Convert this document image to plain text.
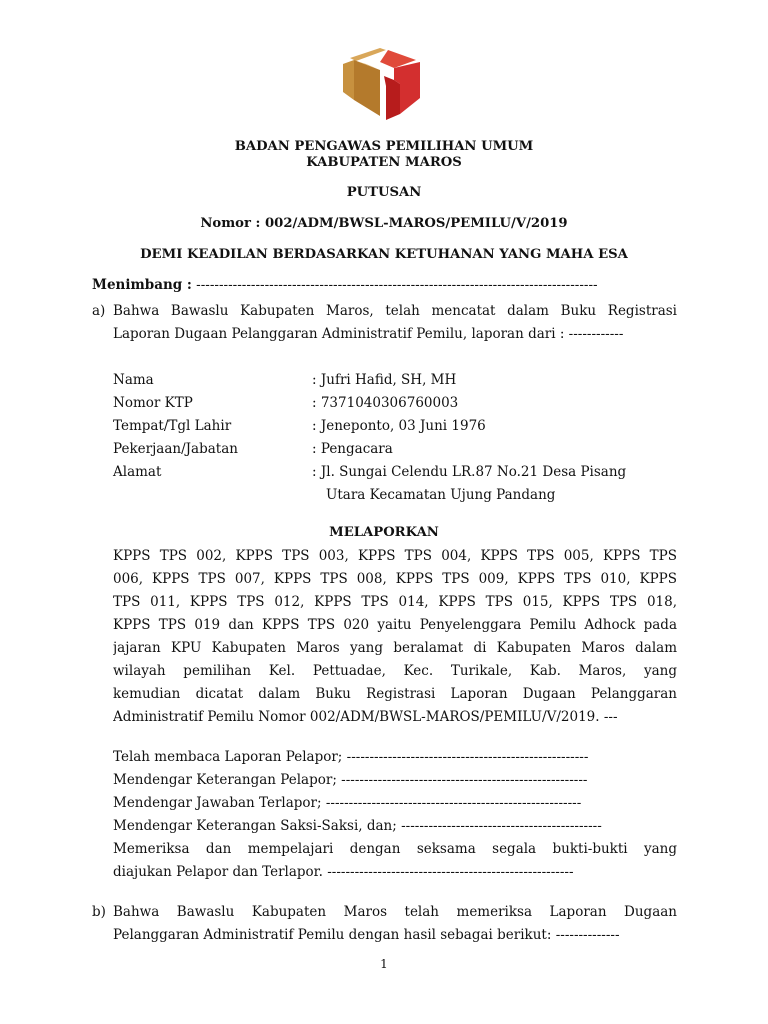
BADAN PENGAWAS PEMILIHAN UMUM
KABUPATEN MAROS
PUTUSAN
Nomor : 002/ADM/BWSL-MAROS/PEMILU/V/2019
DEMI KEADILAN BERDASARKAN KETUHANAN YANG MAHA ESA
Menimbang : ----------------------------------------------------------------------------------------
a) Bahwa Bawaslu Kabupaten Maros, telah mencatat dalam Buku Registrasi
Laporan Dugaan Pelanggaran Administratif Pemilu, laporan dari : ------------
Nama	: Jufri Hafid, SH, MH
Nomor KTP	: 7371040306760003
Tempat/Tgl Lahir	: Jeneponto, 03 Juni 1976
Pekerjaan/Jabatan	: Pengacara
Alamat	: Jl. Sungai Celendu LR.87 No.21 Desa Pisang
Utara Kecamatan Ujung Pandang
MELAPORKAN
KPPS TPS 002, KPPS TPS 003, KPPS TPS 004, KPPS TPS 005, KPPS TPS
006, KPPS TPS 007, KPPS TPS 008, KPPS TPS 009, KPPS TPS 010, KPPS
TPS 011, KPPS TPS 012, KPPS TPS 014, KPPS TPS 015, KPPS TPS 018,
KPPS TPS 019 dan KPPS TPS 020 yaitu Penyelenggara Pemilu Adhock pada
jajaran KPU Kabupaten Maros yang beralamat di Kabupaten Maros dalam
wilayah pemilihan Kel. Pettuadae, Kec. Turikale, Kab. Maros, yang
kemudian dicatat dalam Buku Registrasi Laporan Dugaan Pelanggaran
Administratif Pemilu Nomor 002/ADM/BWSL-MAROS/PEMILU/V/2019. ---
Telah membaca Laporan Pelapor; -----------------------------------------------------
Mendengar Keterangan Pelapor; ------------------------------------------------------
Mendengar Jawaban Terlapor; --------------------------------------------------------
Mendengar Keterangan Saksi-Saksi, dan; --------------------------------------------
Memeriksa dan mempelajari dengan seksama segala bukti-bukti yang
diajukan Pelapor dan Terlapor. ------------------------------------------------------
b) Bahwa Bawaslu Kabupaten Maros telah memeriksa Laporan Dugaan
Pelanggaran Administratif Pemilu dengan hasil sebagai berikut: --------------
1
